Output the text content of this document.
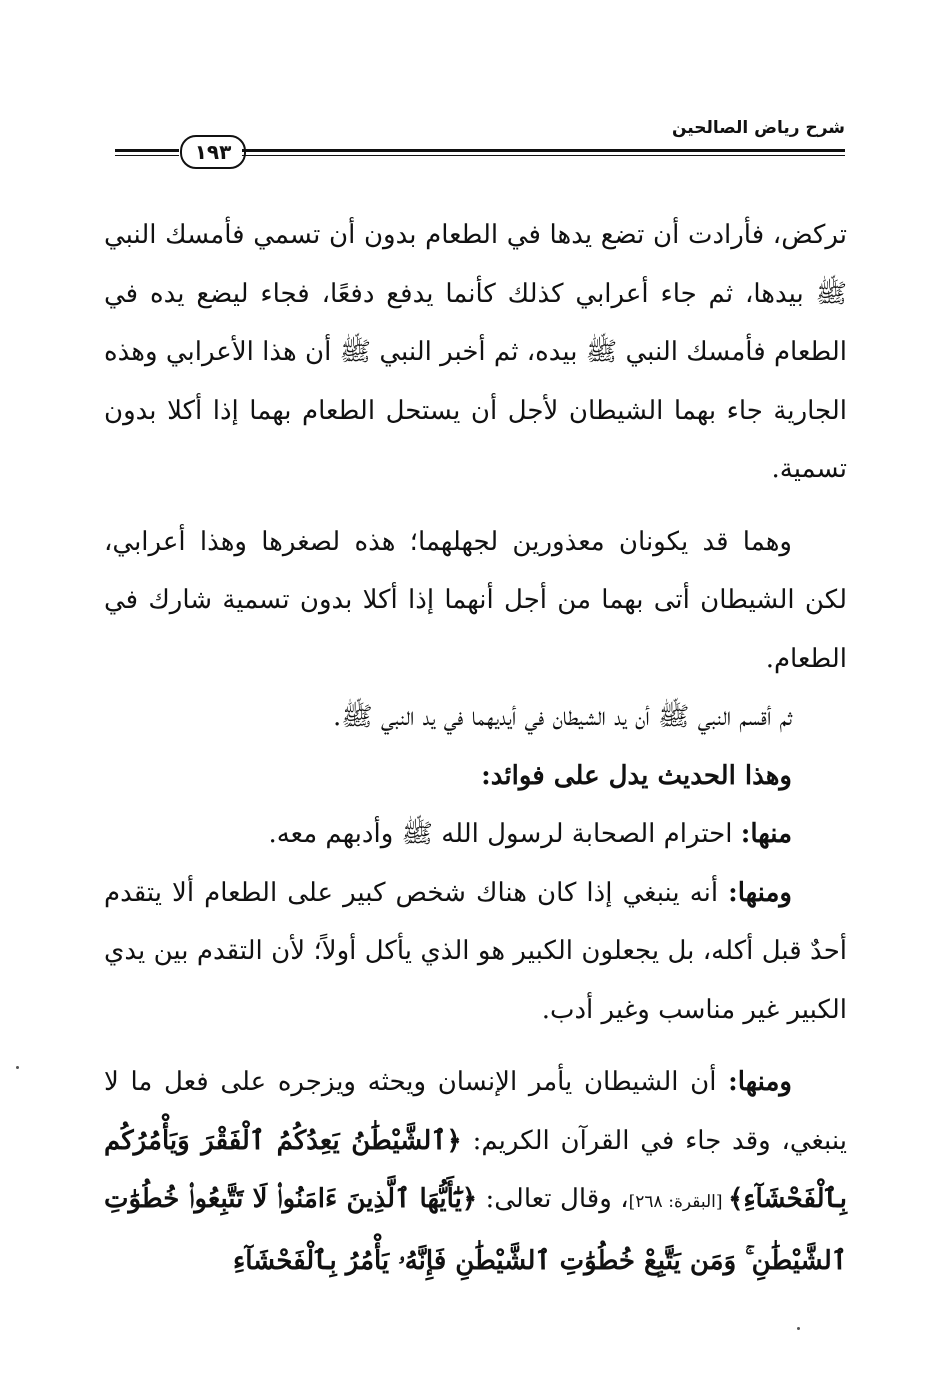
شرح رياض الصالحين
١٩٣

تركض، فأرادت أن تضع يدها في الطعام بدون أن تسمي فأمسك النبي ﷺ بيدها، ثم جاء أعرابي كذلك كأنما يدفع دفعًا، فجاء ليضع يده في الطعام فأمسك النبي ﷺ بيده، ثم أخبر النبي ﷺ أن هذا الأعرابي وهذه الجارية جاء بهما الشيطان لأجل أن يستحل الطعام بهما إذا أكلا بدون تسمية.

وهما قد يكونان معذورين لجهلهما؛ هذه لصغرها وهذا أعرابي، لكن الشيطان أتى بهما من أجل أنهما إذا أكلا بدون تسمية شارك في الطعام.

ثم أقسم النبي ﷺ أن يد الشيطان في أيديهما في يد النبي ﷺ.

وهذا الحديث يدل على فوائد:

منها: احترام الصحابة لرسول الله ﷺ وأدبهم معه.

ومنها: أنه ينبغي إذا كان هناك شخص كبير على الطعام ألا يتقدم أحدٌ قبل أكله، بل يجعلون الكبير هو الذي يأكل أولاً؛ لأن التقدم بين يدي الكبير غير مناسب وغير أدب.

ومنها: أن الشيطان يأمر الإنسان ويحثه ويزجره على فعل ما لا ينبغي، وقد جاء في القرآن الكريم: ﴿ٱلشَّيْطَٰنُ يَعِدُكُمُ ٱلْفَقْرَ وَيَأْمُرُكُم بِٱلْفَحْشَآءِ﴾ [البقرة: ٢٦٨]، وقال تعالى: ﴿يَٰٓأَيُّهَا ٱلَّذِينَ ءَامَنُوا۟ لَا تَتَّبِعُوا۟ خُطُوَٰتِ ٱلشَّيْطَٰنِ ۚ وَمَن يَتَّبِعْ خُطُوَٰتِ ٱلشَّيْطَٰنِ فَإِنَّهُۥ يَأْمُرُ بِٱلْفَحْشَآءِ
